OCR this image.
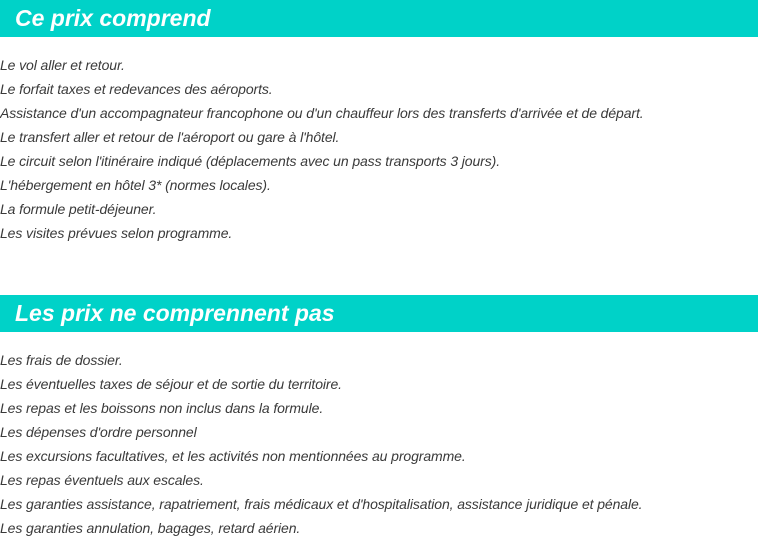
Ce prix comprend
Le vol aller et retour.
Le forfait taxes et redevances des aéroports.
Assistance d'un accompagnateur francophone ou d'un chauffeur lors des transferts d'arrivée et de départ.
Le transfert aller et retour de l'aéroport ou gare à l'hôtel.
Le circuit selon l'itinéraire indiqué (déplacements avec un pass transports 3 jours).
L'hébergement en hôtel 3* (normes locales).
La formule petit-déjeuner.
Les visites prévues selon programme.
Les prix ne comprennent pas
Les frais de dossier.
Les éventuelles taxes de séjour et de sortie du territoire.
Les repas et les boissons non inclus dans la formule.
Les dépenses d'ordre personnel
Les excursions facultatives, et les activités non mentionnées au programme.
Les repas éventuels aux escales.
Les garanties assistance, rapatriement, frais médicaux et d'hospitalisation, assistance juridique et pénale.
Les garanties annulation, bagages, retard aérien.
